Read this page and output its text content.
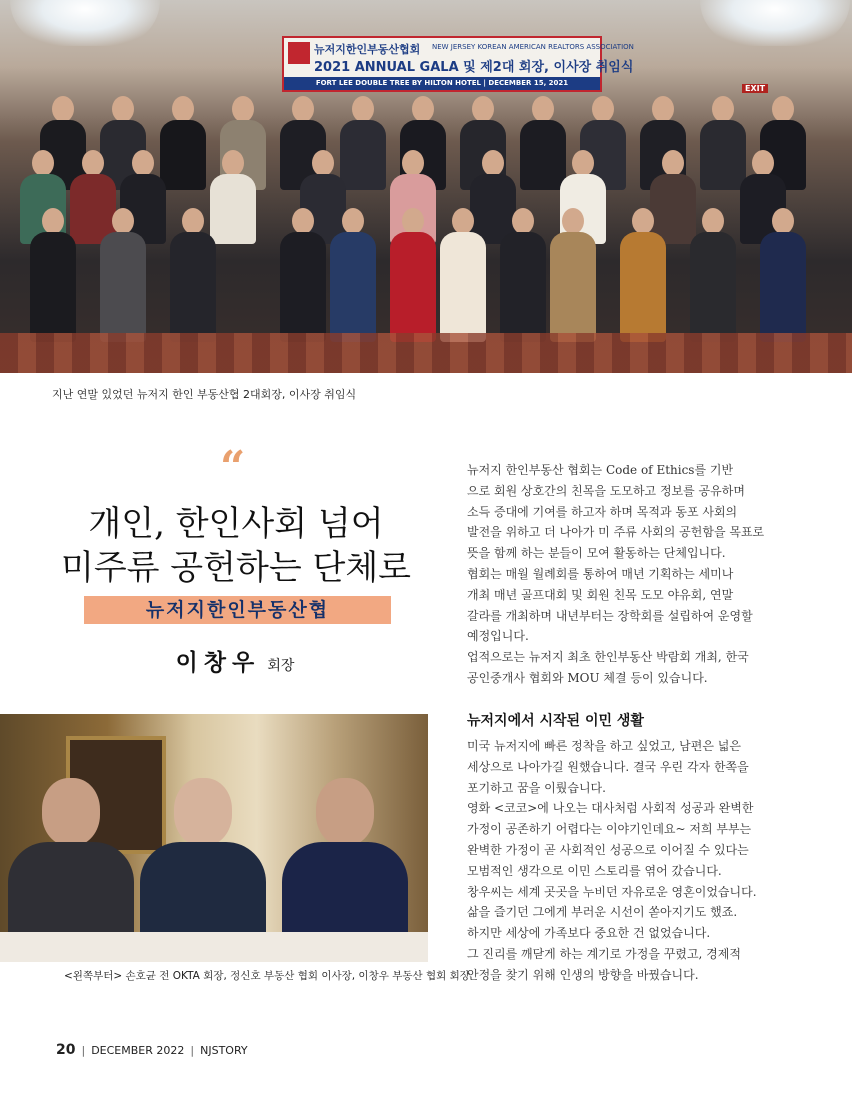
뉴저지한인부동산협회 NEW JERSEY KOREAN AMERICAN REALTORS ASSOCIATION
2021 ANNUAL GALA 및 제2대 회장, 이사장 취임식
FORT LEE DOUBLE TREE BY HILTON HOTEL | DECEMBER 15, 2021
EXIT
지난 연말 있었던 뉴저지 한인 부동산협 2대회장, 이사장 취임식
“
개인, 한인사회 넘어
미주류 공헌하는 단체로
뉴저지한인부동산협
이창우 회장
<왼쪽부터> 손호균 전 OKTA 회장, 정신호 부동산 협회 이사장, 이창우 부동산 협회 회장

뉴저지 한인부동산 협회는 Code of Ethics를 기반

으로 회원 상호간의 친목을 도모하고 정보를 공유하며

소득 증대에 기여를 하고자 하며 목적과 동포 사회의

발전을 위하고 더 나아가 미 주류 사회의 공헌함을 목표로

뜻을 함께 하는 분들이 모여 활동하는 단체입니다.

협회는 매월 월례회를 통하여 매년 기획하는 세미나

개최 매년 골프대회 및 회원 친목 도모 야유회, 연말

갈라를 개최하며 내년부터는 장학회를 설립하여 운영할

예정입니다.

업적으로는 뉴저지 최초 한인부동산 박람회 개최, 한국

공인중개사 협회와 MOU 체결 등이 있습니다.

뉴저지에서 시작된 이민 생활

미국 뉴저지에 빠른 정착을 하고 싶었고, 남편은 넓은

세상으로 나아가길 원했습니다. 결국 우린 각자 한쪽을

포기하고 꿈을 이뤘습니다.

영화 <코코>에 나오는 대사처럼 사회적 성공과 완벽한

가정이 공존하기 어렵다는 이야기인데요~ 저희 부부는

완벽한 가정이 곧 사회적인 성공으로 이어질 수 있다는

모범적인 생각으로 이민 스토리를 엮어 갔습니다.

창우씨는 세계 곳곳을 누비던 자유로운 영혼이었습니다.

삶을 즐기던 그에게 부러운 시선이 쏟아지기도 했죠.

하지만 세상에 가족보다 중요한 건 없었습니다.

그 진리를 깨닫게 하는 계기로 가정을 꾸렸고, 경제적

안정을 찾기 위해 인생의 방향을 바꿨습니다.

20 | DECEMBER 2022 | NJSTORY
